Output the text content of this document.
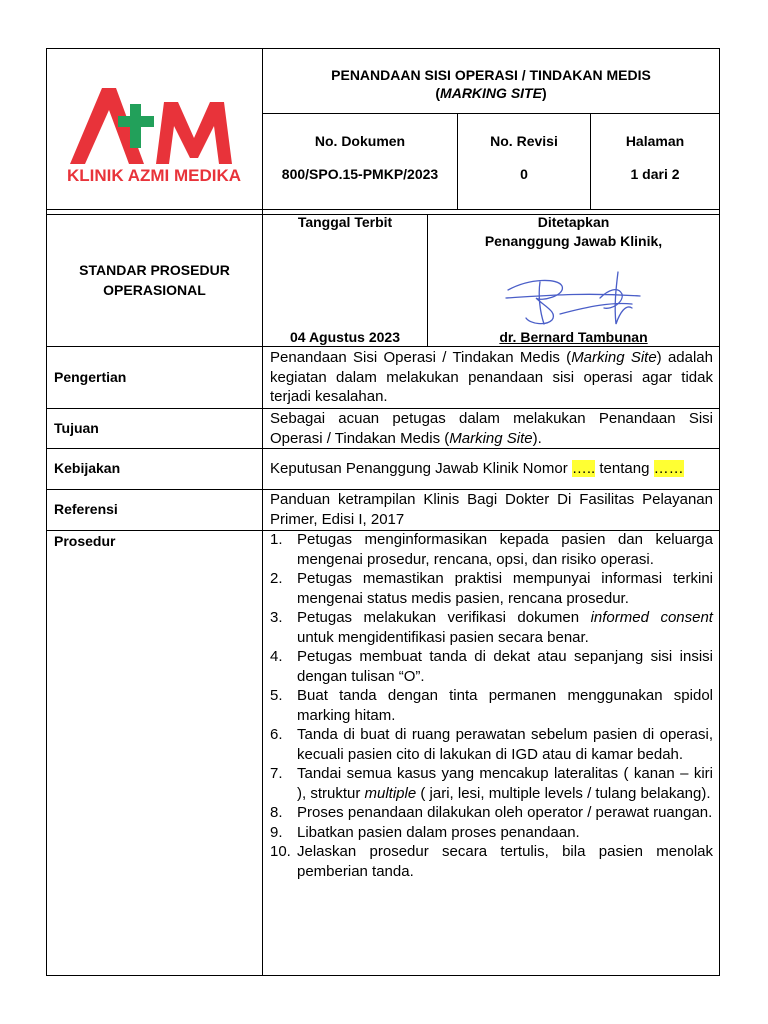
KLINIK AZMI MEDIKA
PENANDAAN SISI OPERASI / TINDAKAN MEDIS
(MARKING SITE)
No. Dokumen
800/SPO.15-PMKP/2023
No. Revisi
0
Halaman
1 dari 2
STANDAR PROSEDUR
OPERASIONAL
Tanggal Terbit
04 Agustus 2023
Ditetapkan
Penanggung Jawab Klinik,
dr. Bernard Tambunan
Pengertian
Penandaan Sisi Operasi / Tindakan Medis (Marking Site) adalah kegiatan dalam melakukan penandaan sisi operasi agar tidak terjadi kesalahan.
Tujuan
Sebagai acuan petugas dalam melakukan Penandaan Sisi Operasi / Tindakan Medis (Marking Site).
Kebijakan	Keputusan Penanggung Jawab Klinik Nomor ….. tentang ……
Referensi
Panduan ketrampilan Klinis Bagi Dokter Di Fasilitas Pelayanan Primer, Edisi I, 2017
Prosedur	1. Petugas menginformasikan kepada pasien dan keluarga mengenai prosedur, rencana, opsi, dan risiko operasi.
2. Petugas memastikan praktisi mempunyai informasi terkini mengenai status medis pasien, rencana prosedur.
3. Petugas melakukan verifikasi dokumen informed consent untuk mengidentifikasi pasien secara benar.
4. Petugas membuat tanda di dekat atau sepanjang sisi insisi dengan tulisan “O”.
5. Buat tanda dengan tinta permanen menggunakan spidol marking hitam.
6. Tanda di buat di ruang perawatan sebelum pasien di operasi, kecuali pasien cito di lakukan di IGD atau di kamar bedah.
7. Tandai semua kasus yang mencakup lateralitas ( kanan – kiri ), struktur multiple ( jari, lesi, multiple levels / tulang belakang).
8. Proses penandaan dilakukan oleh operator / perawat ruangan.
9. Libatkan pasien dalam proses penandaan.
10. Jelaskan prosedur secara tertulis, bila pasien menolak pemberian tanda.
